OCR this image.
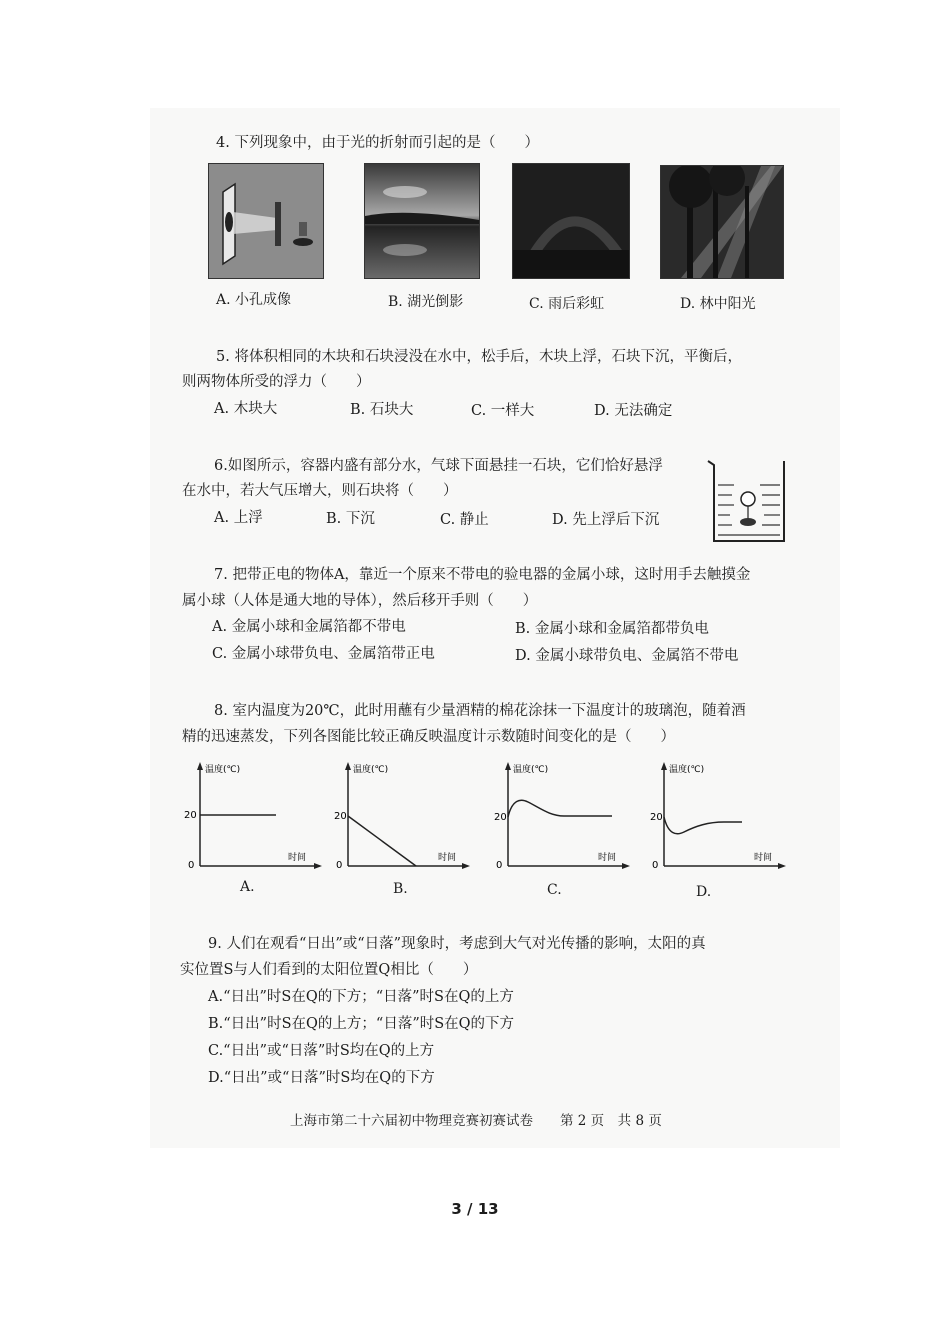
4. 下列现象中，由于光的折射而引起的是（　　）
A. 小孔成像	B. 湖光倒影	C. 雨后彩虹	D. 林中阳光
5. 将体积相同的木块和石块浸没在水中，松手后，木块上浮，石块下沉，平衡后，
则两物体所受的浮力（　　）
A. 木块大	B. 石块大	C. 一样大	D. 无法确定
6.如图所示，容器内盛有部分水，气球下面悬挂一石块，它们恰好悬浮
在水中，若大气压增大，则石块将（　　）
A. 上浮	B. 下沉	C. 静止	D. 先上浮后下沉
7. 把带正电的物体A，靠近一个原来不带电的验电器的金属小球，这时用手去触摸金
属小球（人体是通大地的导体），然后移开手则（　　）
A. 金属小球和金属箔都不带电	B. 金属小球和金属箔都带负电
C. 金属小球带负电、金属箔带正电	D. 金属小球带负电、金属箔不带电
8. 室内温度为20℃，此时用蘸有少量酒精的棉花涂抹一下温度计的玻璃泡，随着酒
精的迅速蒸发，下列各图能比较正确反映温度计示数随时间变化的是（　　）
温度(℃)
时间
20
0
温度(℃)
时间
20
0
温度(℃)
时间
20
0
温度(℃)
时间
20
0
A.	B.	C.	D.
9. 人们在观看“日出”或“日落”现象时，考虑到大气对光传播的影响，太阳的真
实位置S与人们看到的太阳位置Q相比（　　）
A.“日出”时S在Q的下方；“日落”时S在Q的上方
B.“日出”时S在Q的上方；“日落”时S在Q的下方
C.“日出”或“日落”时S均在Q的上方
D.“日出”或“日落”时S均在Q的下方
上海市第二十六届初中物理竞赛初赛试卷　　第 2 页　共 8 页
3 / 13
